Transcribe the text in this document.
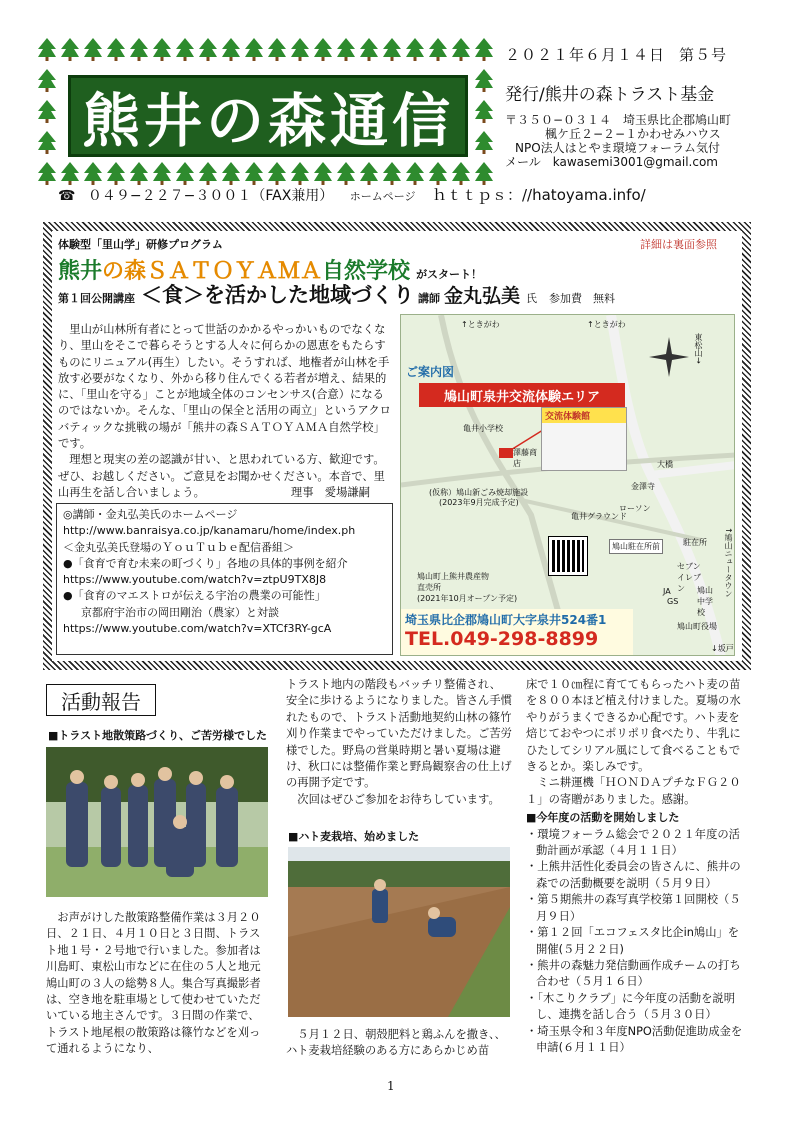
熊井の森通信
２０２１年６月１４日 第５号
発行/熊井の森トラスト基金
〒３５０−０３１４　埼玉県比企郡鳩山町
楓ケ丘２−２−１かわせみハウス
NPO法人はとやま環境フォーラム気付
メール　kawasemi3001@gmail.com
☎ ０４９−２２７−３００１（FAX兼用） ホームページ ｈｔｔｐｓ：//hatoyama.info/
体験型「里山学」研修プログラム	詳細は裏面参照
熊井の森ＳＡＴＯＹＡＭＡ自然学校 がスタート！
第１回公開講座 ＜食＞を活かした地域づくり 講師 金丸弘美 氏 参加費　無料

里山が山林所有者にとって世話のかかるやっかいものでなくなり、里山をそこで暮らそうとする人々に何らかの恩恵をもたらすものにリニュアル(再生）したい。そうすれば、地権者が山林を手放す必要がなくなり、外から移り住んでくる若者が増え、結果的に、「里山を守る」ことが地域全体のコンセンサス(合意）になるのではないか。そんな、「里山の保全と活用の両立」というアクロバティックな挑戦の場が「熊井の森ＳＡＴＯＹＡＭＡ自然学校」です。

理想と現実の差の認識が甘い、と思われている方、歓迎です。ぜひ、お越しください。ご意見をお聞かせください。本音で、里山再生を話し合いましょう。	理事　愛場謙嗣

◎講師・金丸弘美氏のホームページ
http://www.banraisya.co.jp/kanamaru/home/index.ph
＜金丸弘美氏登場のＹｏｕＴｕｂｅ配信番組＞
●「食育で育む未来の町づくり」各地の具体的事例を紹介
https://www.youtube.com/watch?v=ztpU9TX8J8
●「食育のマエストロが伝える宇治の農業の可能性」
京都府宇治市の岡田剛治（農家）と対談
https://www.youtube.com/watch?v=XTCf3RY-gcA
↑ときがわ	↑ときがわ
東松山→
ご案内図
鳩山町泉井交流体験エリア
交流体験館
亀井小学校
澤藤商店	大橋
金澤寺
(仮称）鳩山新ごみ焼却施設
(2023年9月完成予定)
ローソン
亀井グラウンド
鳩山駐在所前	駐在所 ↑鳩山ニュータウン
セブンイレブン	鳩山中学校
鳩山町上熊井農産物直売所
(2021年10月オープン予定)
JA
GS
鳩山町役場
↓坂戸
埼玉県比企郡鳩山町大字泉井524番1
TEL.049-298-8899
活動報告
■トラスト地散策路づくり、ご苦労様でした

お声がけした散策路整備作業は３月２０日、２１日、４月１０日と３日間、トラスト地１号・２号地で行いました。参加者は川島町、東松山市などに在住の５人と地元鳩山町の３人の総勢８人。集合写真撮影者は、空き地を駐車場として使わせていただいている地主さんです。３日間の作業で、トラスト地尾根の散策路は篠竹などを刈って通れるようになり、

トラスト地内の階段もバッチリ整備され、安全に歩けるようになりました。皆さん手慣れたもので、トラスト活動地契約山林の篠竹刈り作業までやっていただけました。ご苦労様でした。野鳥の営巣時期と暑い夏場は避け、秋口には整備作業と野鳥観察舎の仕上げの再開予定です。

次回はぜひご参加をお待ちしています。

■ハト麦栽培、始めました

５月１２日、朝殻肥料と鶏ふんを撒き、、ハト麦栽培経験のある方にあらかじめ苗

床で１０㎝程に育ててもらったハト麦の苗を８００本ほど植え付けました。夏場の水やりがうまくできるか心配です。ハト麦を焙じておやつにポリポリ食べたり、牛乳にひたしてシリアル風にして食べることもできるとか。楽しみです。

ミニ耕運機「ＨＯＮＤＡプチなＦＧ２０１」の寄贈がありました。感謝。

■今年度の活動を開始しました
・環境フォーラム総会で２０２１年度の活動計画が承認（４月１１日）
・上熊井活性化委員会の皆さんに、熊井の森での活動概要を説明（５月９日）
・第５期熊井の森写真学校第１回開校（５月９日）
・第１２回「エコフェスタ比企in鳩山」を開催(５月２２日)
・熊井の森魅力発信動画作成チームの打ち合わせ（５月１６日）
・「木こりクラブ」に今年度の活動を説明し、連携を話し合う（５月３０日）
・埼玉県令和３年度NPO活動促進助成金を申請(６月１１日）
1
